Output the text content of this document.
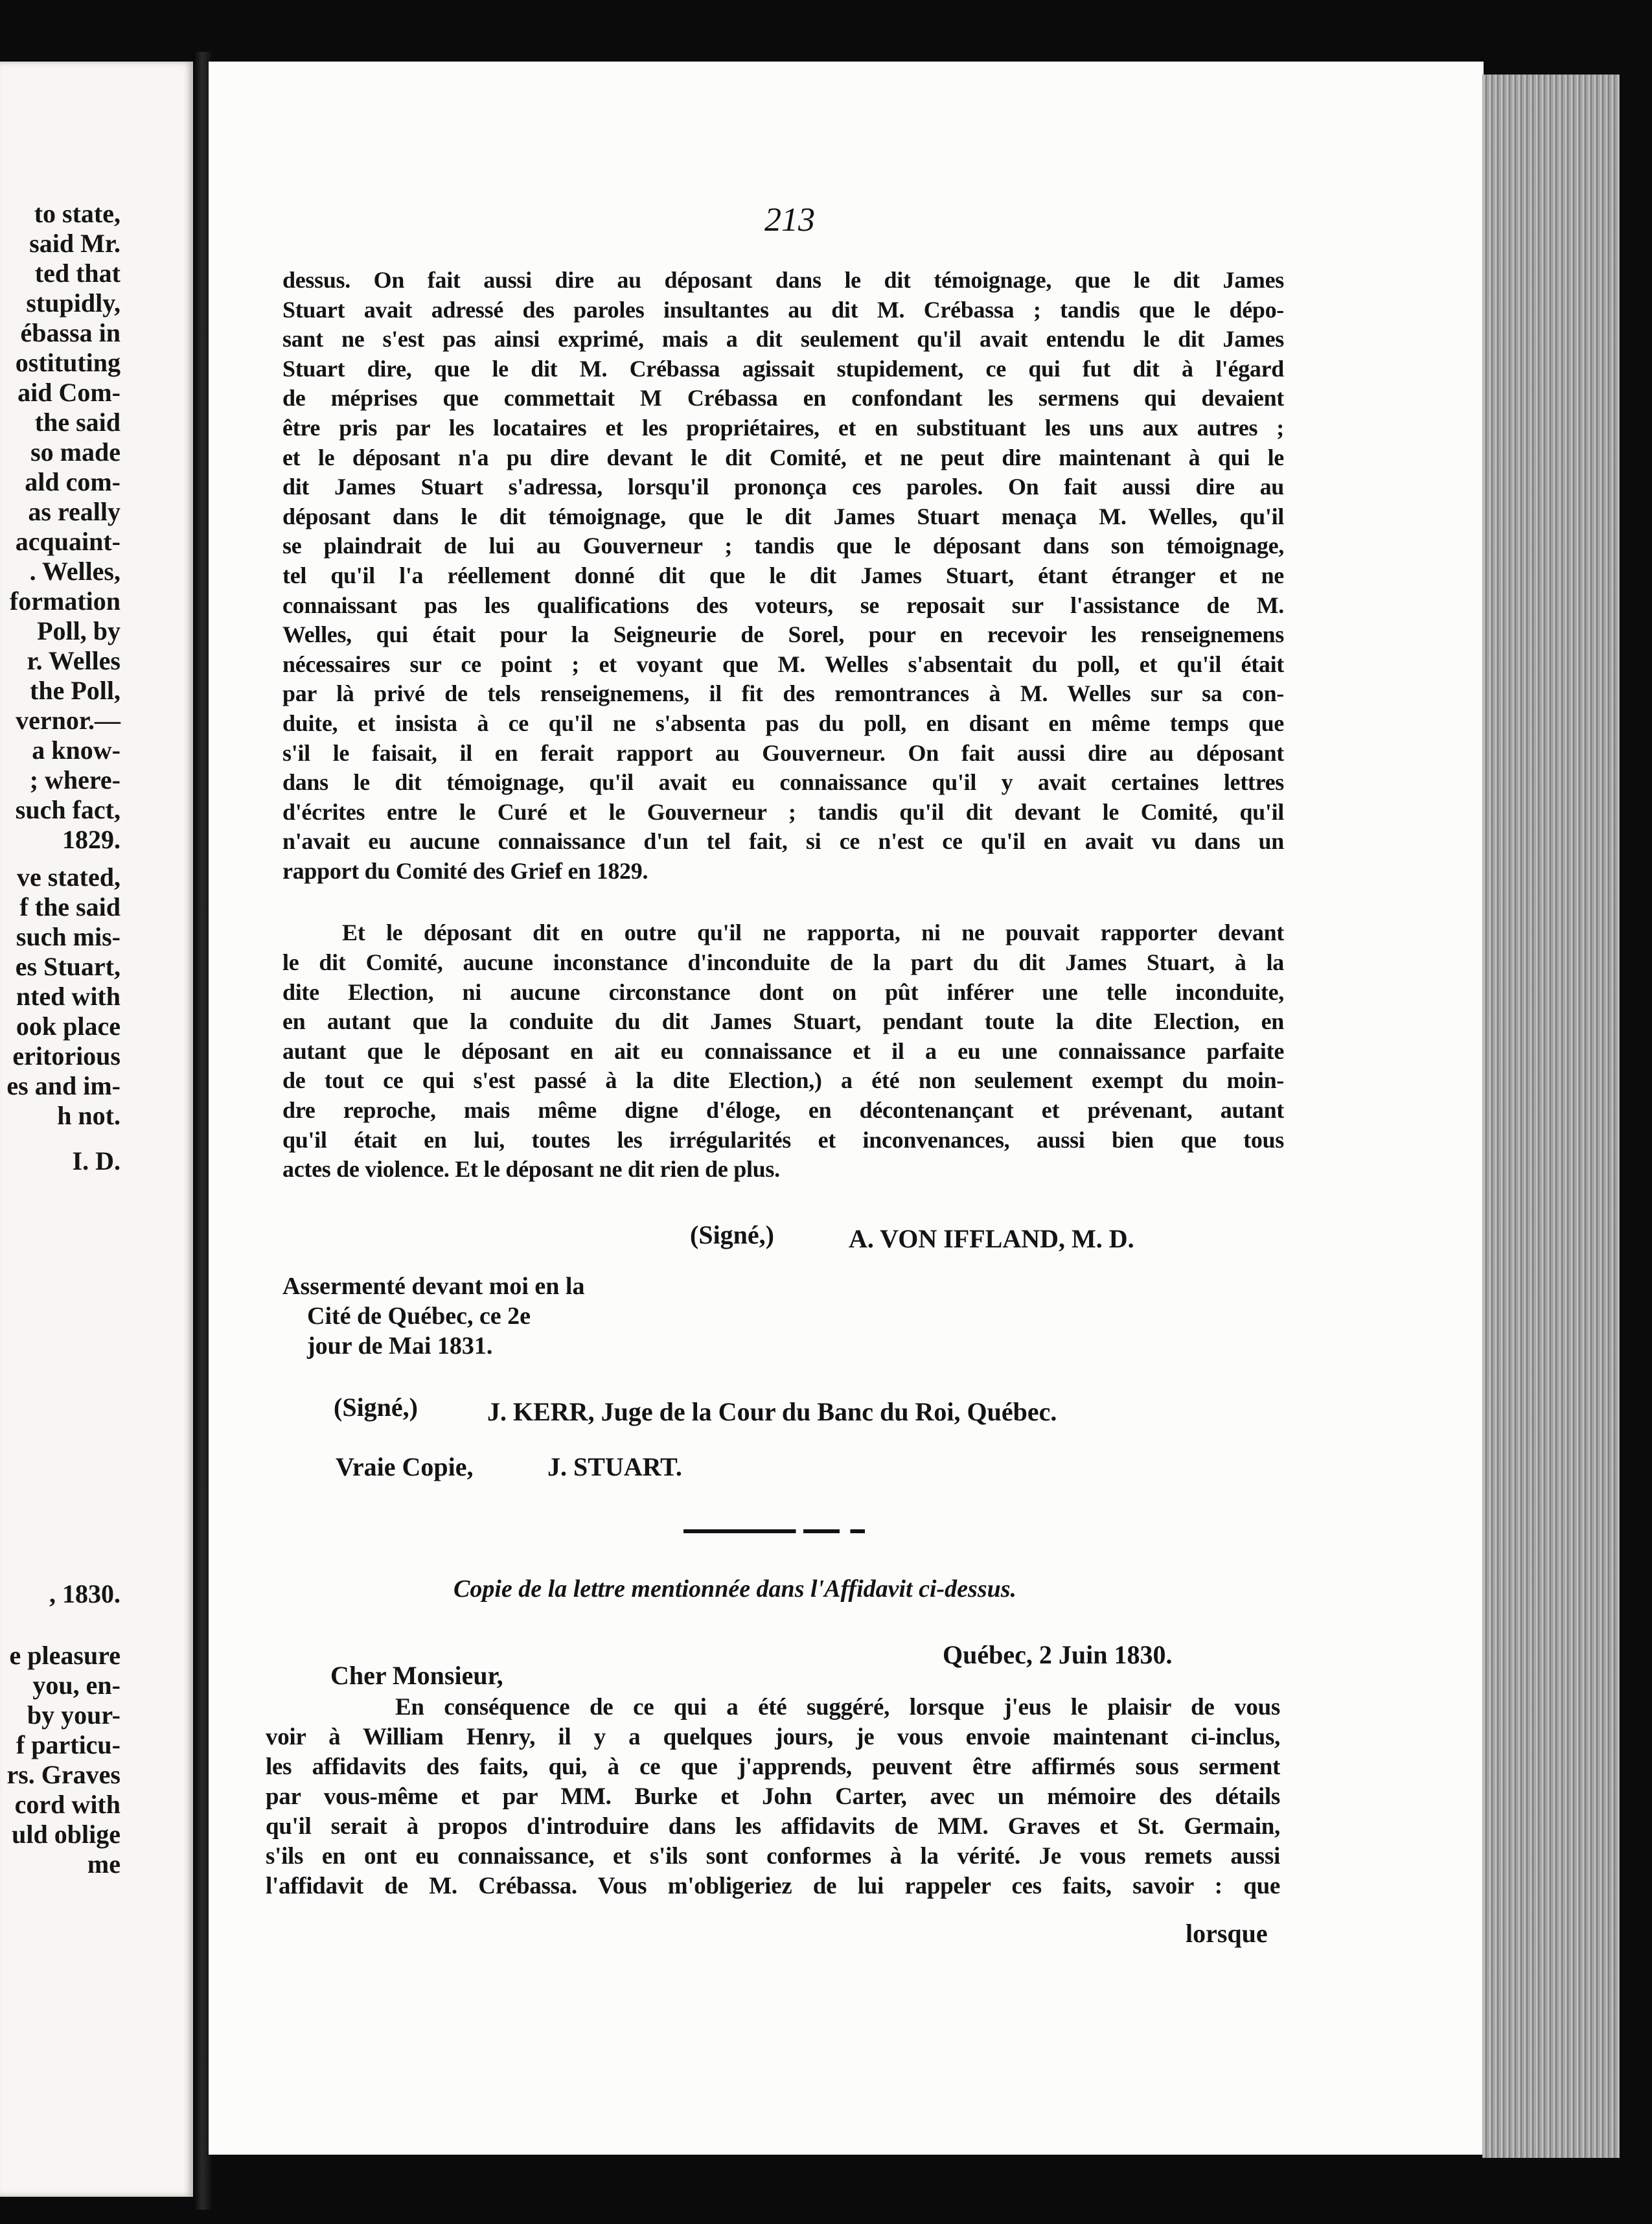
to state,
said Mr.
ted that
stupidly,
ébassa in
ostituting
aid Com-
the said
so made
ald com-
as really
acquaint-
. Welles,
formation
Poll, by
r. Welles
the Poll,
vernor.—
a know-
; where-
such fact,
1829.
ve stated,
f the said
such mis-
es Stuart,
nted with
ook place
eritorious
es and im-
h not.
I. D.
, 1830.
e pleasure
you, en-
by your-
f particu-
rs. Graves
cord with
uld oblige
me
213
dessus. On fait aussi dire au déposant dans le dit témoignage, que le dit James
Stuart avait adressé des paroles insultantes au dit M. Crébassa ; tandis que le dépo-
sant ne s'est pas ainsi exprimé, mais a dit seulement qu'il avait entendu le dit James
Stuart dire, que le dit M. Crébassa agissait stupidement, ce qui fut dit à l'égard
de méprises que commettait M Crébassa en confondant les sermens qui devaient
être pris par les locataires et les propriétaires, et en substituant les uns aux autres ;
et le déposant n'a pu dire devant le dit Comité, et ne peut dire maintenant à qui le
dit James Stuart s'adressa, lorsqu'il prononça ces paroles. On fait aussi dire au
déposant dans le dit témoignage, que le dit James Stuart menaça M. Welles, qu'il
se plaindrait de lui au Gouverneur ; tandis que le déposant dans son témoignage,
tel qu'il l'a réellement donné dit que le dit James Stuart, étant étranger et ne
connaissant pas les qualifications des voteurs, se reposait sur l'assistance de M.
Welles, qui était pour la Seigneurie de Sorel, pour en recevoir les renseignemens
nécessaires sur ce point ; et voyant que M. Welles s'absentait du poll, et qu'il était
par là privé de tels renseignemens, il fit des remontrances à M. Welles sur sa con-
duite, et insista à ce qu'il ne s'absenta pas du poll, en disant en même temps que
s'il le faisait, il en ferait rapport au Gouverneur. On fait aussi dire au déposant
dans le dit témoignage, qu'il avait eu connaissance qu'il y avait certaines lettres
d'écrites entre le Curé et le Gouverneur ; tandis qu'il dit devant le Comité, qu'il
n'avait eu aucune connaissance d'un tel fait, si ce n'est ce qu'il en avait vu dans un
rapport du Comité des Grief en 1829.
Et le déposant dit en outre qu'il ne rapporta, ni ne pouvait rapporter devant
le dit Comité, aucune inconstance d'inconduite de la part du dit James Stuart, à la
dite Election, ni aucune circonstance dont on pût inférer une telle inconduite,
en autant que la conduite du dit James Stuart, pendant toute la dite Election, en
autant que le déposant en ait eu connaissance et il a eu une connaissance parfaite
de tout ce qui s'est passé à la dite Election,) a été non seulement exempt du moin-
dre reproche, mais même digne d'éloge, en décontenançant et prévenant, autant
qu'il était en lui, toutes les irrégularités et inconvenances, aussi bien que tous
actes de violence. Et le déposant ne dit rien de plus.
(Signé,)	A. VON IFFLAND, M. D.
Assermenté devant moi en la
Cité de Québec, ce 2e
jour de Mai 1831.
(Signé,)	J. KERR, Juge de la Cour du Banc du Roi, Québec.
Vraie Copie,	J. STUART.
Copie de la lettre mentionnée dans l'Affidavit ci-dessus.
Québec, 2 Juin 1830.
Cher Monsieur,
En conséquence de ce qui a été suggéré, lorsque j'eus le plaisir de vous
voir à William Henry, il y a quelques jours, je vous envoie maintenant ci-inclus,
les affidavits des faits, qui, à ce que j'apprends, peuvent être affirmés sous serment
par vous-même et par MM. Burke et John Carter, avec un mémoire des détails
qu'il serait à propos d'introduire dans les affidavits de MM. Graves et St. Germain,
s'ils en ont eu connaissance, et s'ils sont conformes à la vérité. Je vous remets aussi
l'affidavit de M. Crébassa. Vous m'obligeriez de lui rappeler ces faits, savoir : que
lorsque
